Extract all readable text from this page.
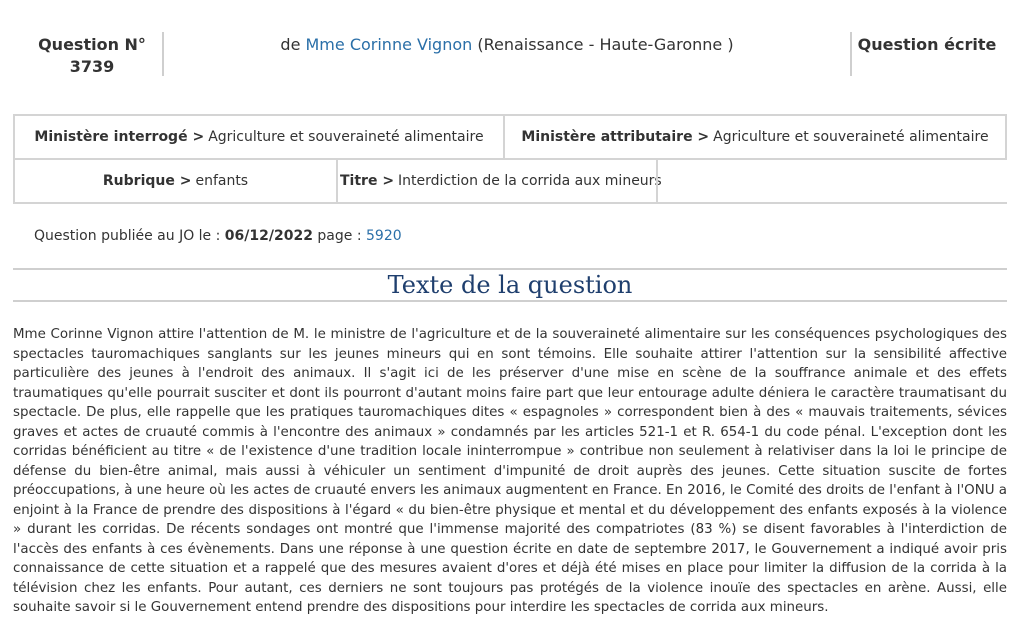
Question N°
3739
de Mme Corinne Vignon (Renaissance - Haute-Garonne )	Question écrite
Ministère interrogé > Agriculture et souveraineté alimentaire	Ministère attributaire > Agriculture et souveraineté alimentaire
Rubrique > enfants	Titre > Interdiction de la corrida aux mineurs
Question publiée au JO le : 06/12/2022 page : 5920
Texte de la question
Mme Corinne Vignon attire l'attention de M. le ministre de l'agriculture et de la souveraineté alimentaire sur les conséquences psychologiques des spectacles tauromachiques sanglants sur les jeunes mineurs qui en sont témoins. Elle souhaite attirer l'attention sur la sensibilité affective particulière des jeunes à l'endroit des animaux. Il s'agit ici de les préserver d'une mise en scène de la souffrance animale et des effets traumatiques qu'elle pourrait susciter et dont ils pourront d'autant moins faire part que leur entourage adulte déniera le caractère traumatisant du spectacle. De plus, elle rappelle que les pratiques tauromachiques dites « espagnoles » correspondent bien à des « mauvais traitements, sévices graves et actes de cruauté commis à l'encontre des animaux » condamnés par les articles 521-1 et R. 654-1 du code pénal. L'exception dont les corridas bénéficient au titre « de l'existence d'une tradition locale ininterrompue » contribue non seulement à relativiser dans la loi le principe de défense du bien-être animal, mais aussi à véhiculer un sentiment d'impunité de droit auprès des jeunes. Cette situation suscite de fortes préoccupations, à une heure où les actes de cruauté envers les animaux augmentent en France. En 2016, le Comité des droits de l'enfant à l'ONU a enjoint à la France de prendre des dispositions à l'égard « du bien-être physique et mental et du développement des enfants exposés à la violence » durant les corridas. De récents sondages ont montré que l'immense majorité des compatriotes (83 %) se disent favorables à l'interdiction de l'accès des enfants à ces évènements. Dans une réponse à une question écrite en date de septembre 2017, le Gouvernement a indiqué avoir pris connaissance de cette situation et a rappelé que des mesures avaient d'ores et déjà été mises en place pour limiter la diffusion de la corrida à la télévision chez les enfants. Pour autant, ces derniers ne sont toujours pas protégés de la violence inouïe des spectacles en arène. Aussi, elle souhaite savoir si le Gouvernement entend prendre des dispositions pour interdire les spectacles de corrida aux mineurs.
